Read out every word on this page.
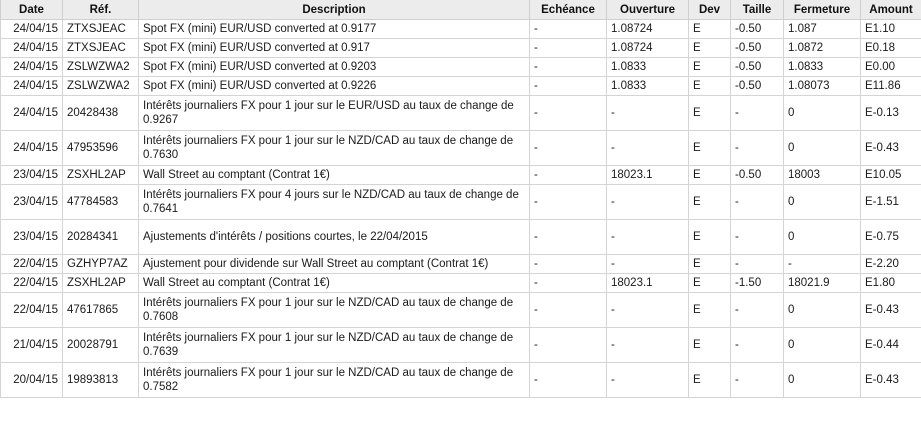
Date	Réf.	Description	Echéance	Ouverture	Dev	Taille	Fermeture	Amount
24/04/15	ZTXSJEAC	Spot FX (mini) EUR/USD converted at 0.9177	-	1.08724	E	-0.50	1.087	E1.10
24/04/15	ZTXSJEAC	Spot FX (mini) EUR/USD converted at 0.917	-	1.08724	E	-0.50	1.0872	E0.18
24/04/15	ZSLWZWA2	Spot FX (mini) EUR/USD converted at 0.9203	-	1.0833	E	-0.50	1.0833	E0.00
24/04/15	ZSLWZWA2	Spot FX (mini) EUR/USD converted at 0.9226	-	1.0833	E	-0.50	1.08073	E11.86
24/04/15	20428438	Intérêts journaliers FX pour 1 jour sur le EUR/USD au taux de change de 0.9267	-	-	E	-	0	E-0.13
24/04/15	47953596	Intérêts journaliers FX pour 1 jour sur le NZD/CAD au taux de change de 0.7630	-	-	E	-	0	E-0.43
23/04/15	ZSXHL2AP	Wall Street au comptant (Contrat 1€)	-	18023.1	E	-0.50	18003	E10.05
23/04/15	47784583	Intérêts journaliers FX pour 4 jours sur le NZD/CAD au taux de change de 0.7641	-	-	E	-	0	E-1.51
23/04/15	20284341	Ajustements d'intérêts / positions courtes, le 22/04/2015	-	-	E	-	0	E-0.75
22/04/15	GZHYP7AZ	Ajustement pour dividende sur Wall Street au comptant (Contrat 1€)	-	-	E	-	-	E-2.20
22/04/15	ZSXHL2AP	Wall Street au comptant (Contrat 1€)	-	18023.1	E	-1.50	18021.9	E1.80
22/04/15	47617865	Intérêts journaliers FX pour 1 jour sur le NZD/CAD au taux de change de 0.7608	-	-	E	-	0	E-0.43
21/04/15	20028791	Intérêts journaliers FX pour 1 jour sur le NZD/CAD au taux de change de 0.7639	-	-	E	-	0	E-0.44
20/04/15	19893813	Intérêts journaliers FX pour 1 jour sur le NZD/CAD au taux de change de 0.7582	-	-	E	-	0	E-0.43
